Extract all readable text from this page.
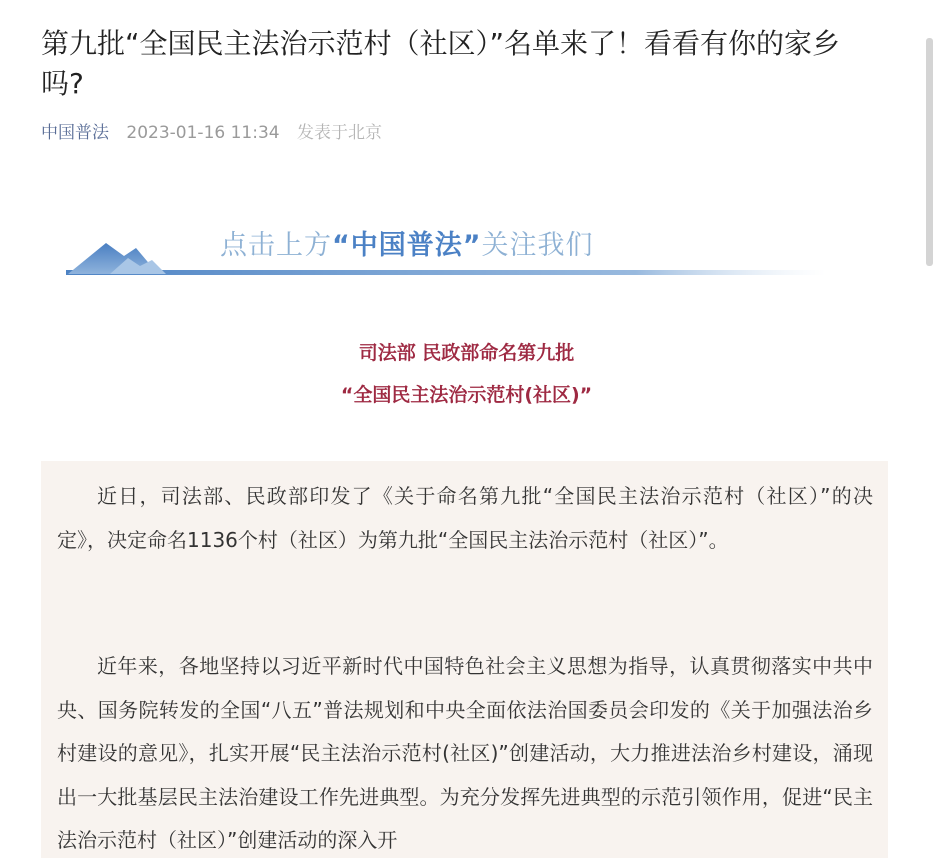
第九批“全国民主法治示范村（社区）”名单来了！看看有你的家乡吗?
中国普法 2023-01-16 11:34 发表于北京
点击上方“中国普法”关注我们
司法部 民政部命名第九批
“全国民主法治示范村(社区)”

近日，司法部、民政部印发了《关于命名第九批“全国民主法治示范村（社区）”的决定》，决定命名1136个村（社区）为第九批“全国民主法治示范村（社区）”。

近年来，各地坚持以习近平新时代中国特色社会主义思想为指导，认真贯彻落实中共中央、国务院转发的全国“八五”普法规划和中央全面依法治国委员会印发的《关于加强法治乡村建设的意见》，扎实开展“民主法治示范村(社区)”创建活动，大力推进法治乡村建设，涌现出一大批基层民主法治建设工作先进典型。为充分发挥先进典型的示范引领作用，促进“民主法治示范村（社区）”创建活动的深入开
